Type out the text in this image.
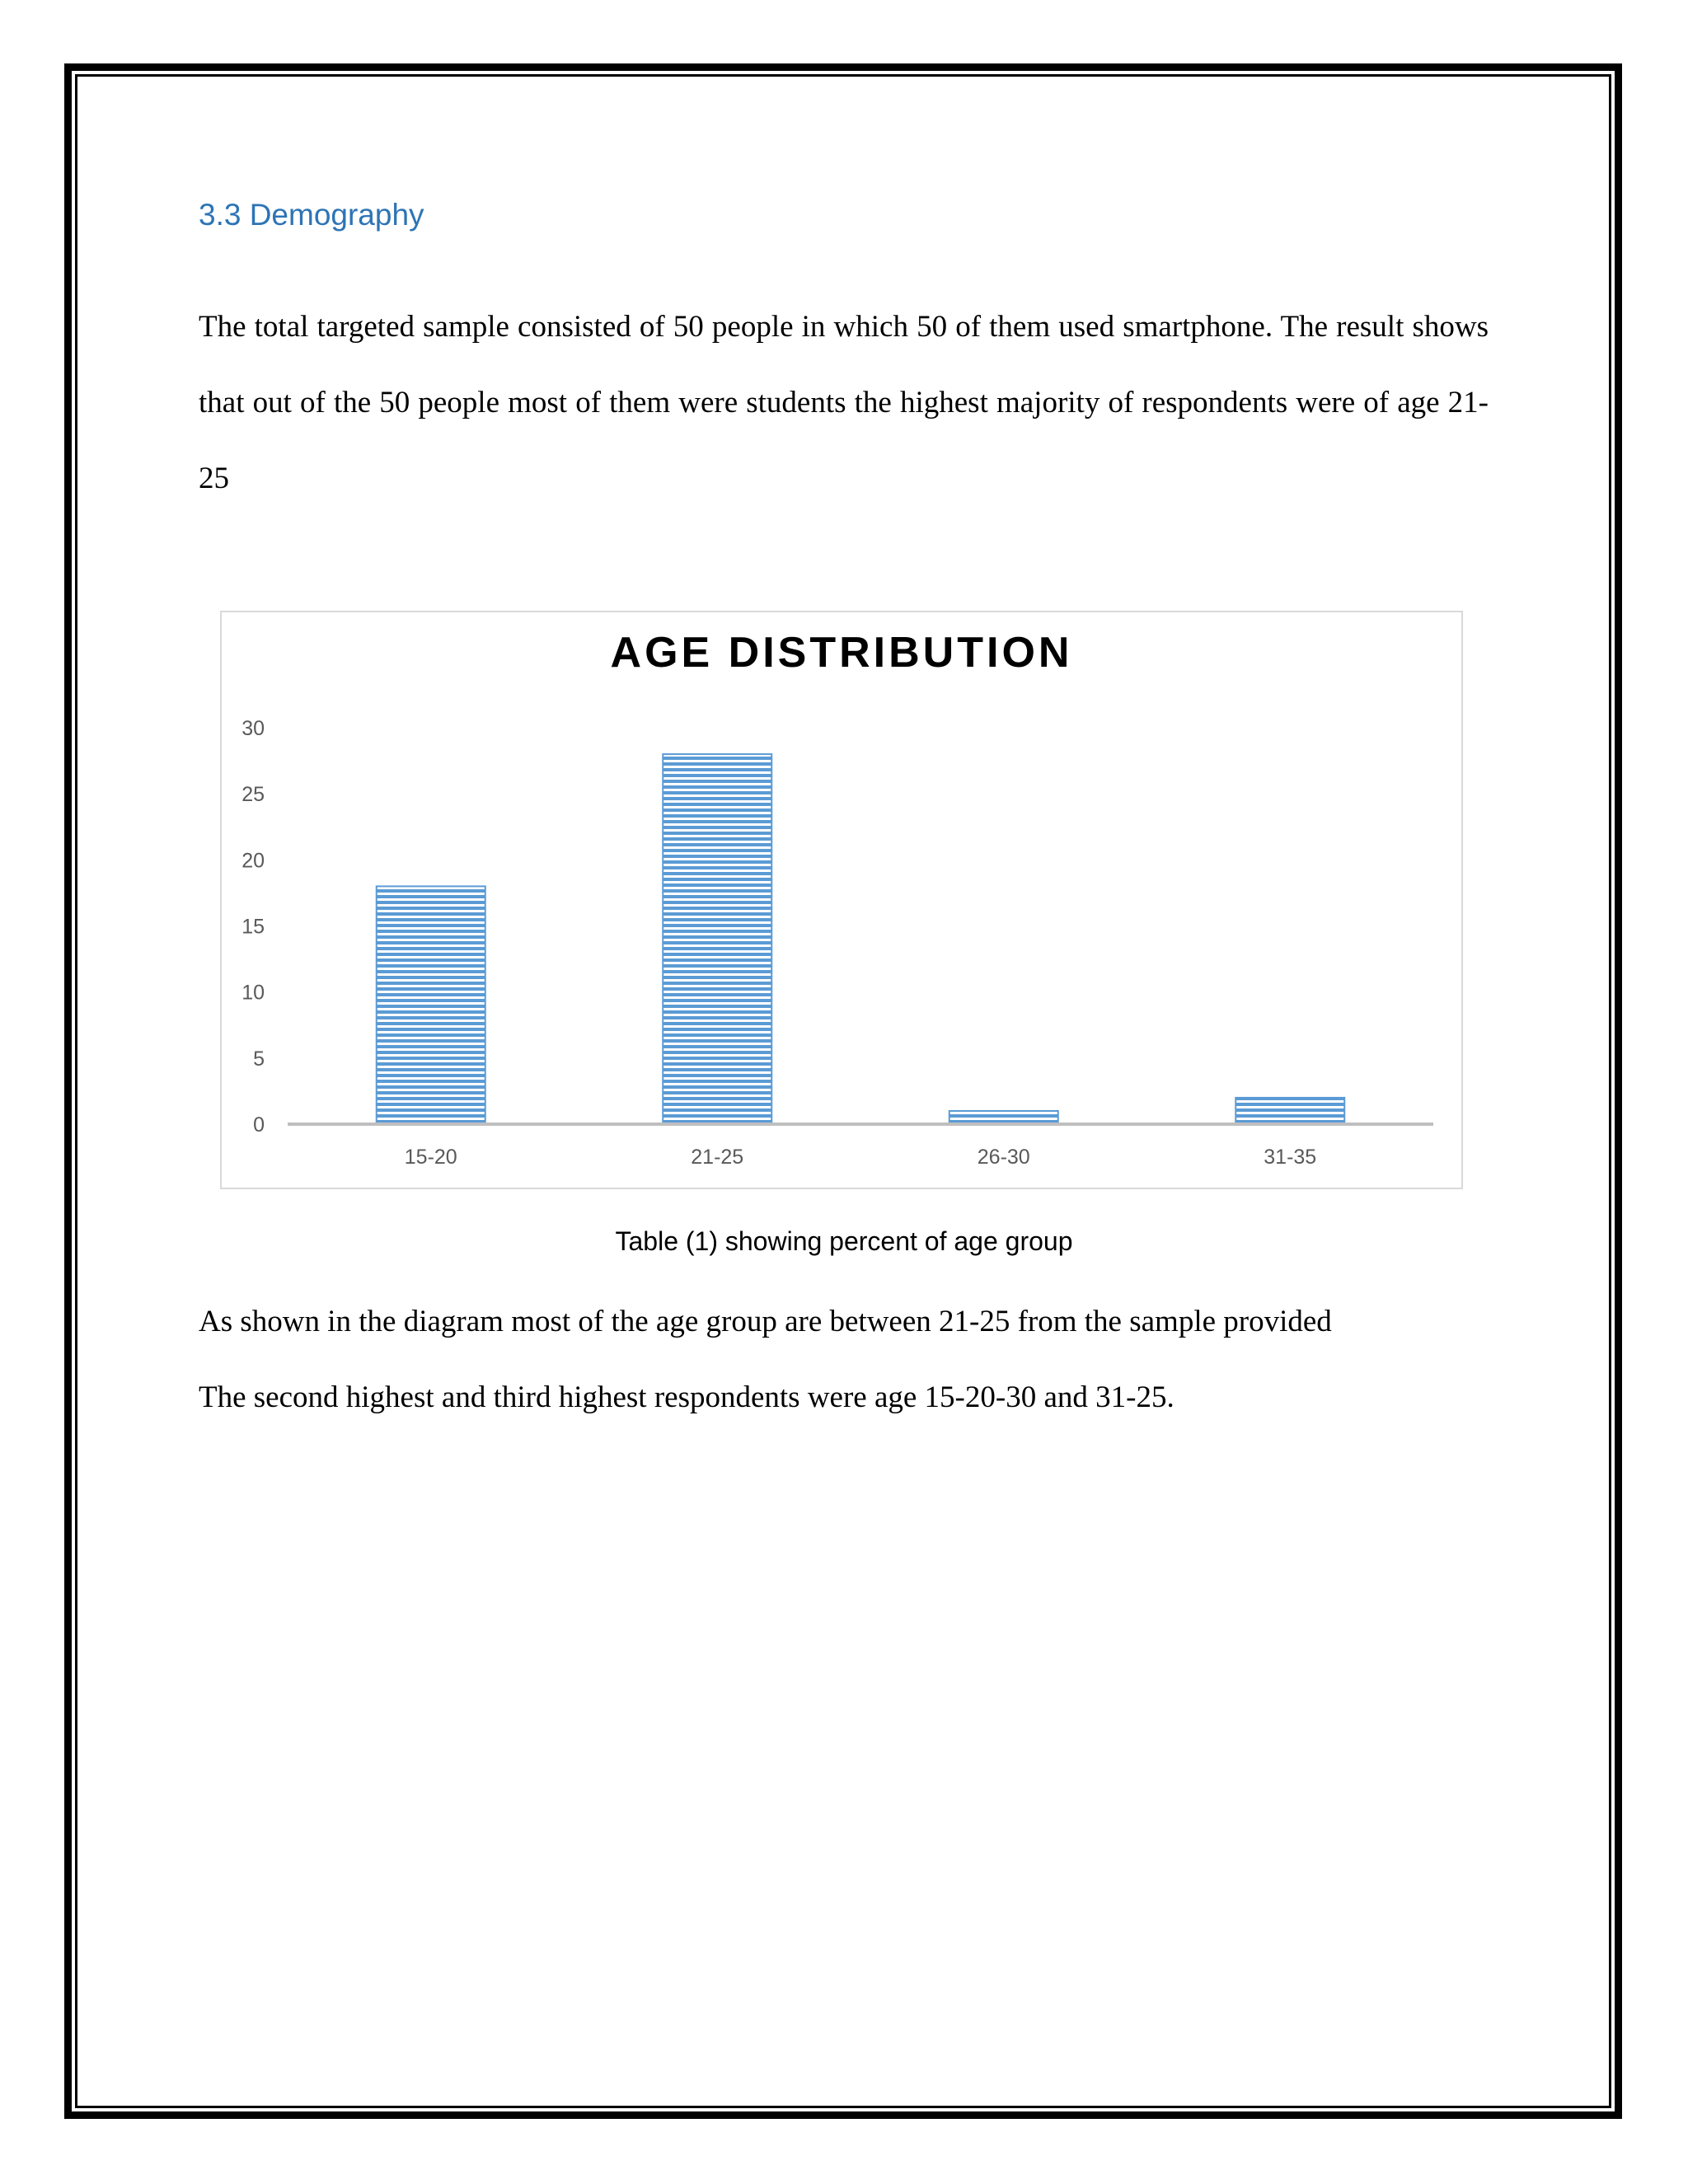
3.3 Demography

The total targeted sample consisted of 50 people in which 50 of them used smartphone. The result shows that out of the 50 people most of them were students the highest majority of respondents were of age 21-25

AGE DISTRIBUTION
0
5
10
15
20
25
30
15-20	21-25	26-30	31-35

Table (1) showing percent of age group

As shown in the diagram most of the age group are between 21-25 from the sample provided
The second highest and third highest respondents were age 15-20-30 and 31-25.
